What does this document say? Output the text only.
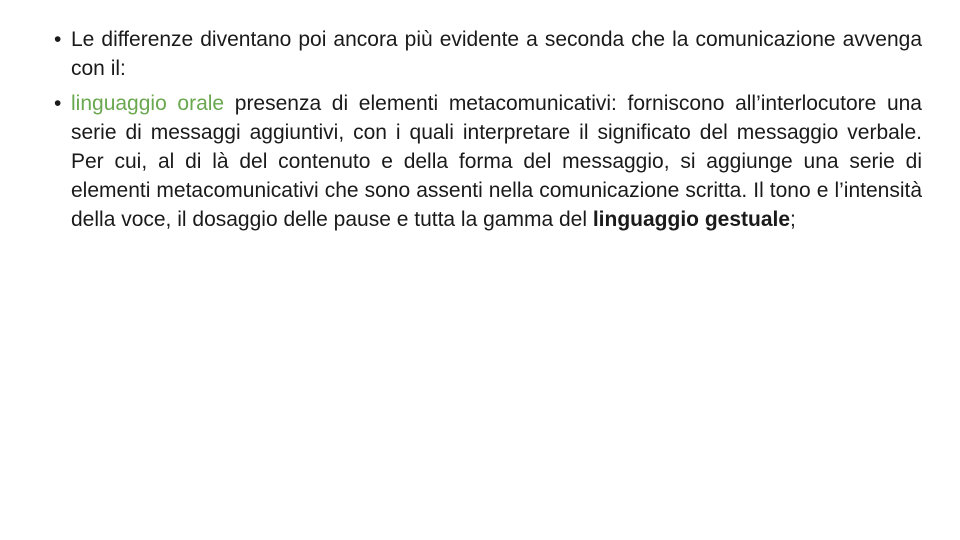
• Le differenze diventano poi ancora più evidente a seconda che la comunicazione avvenga con il:
• linguaggio orale presenza di elementi metacomunicativi: forniscono all’interlocutore una serie di messaggi aggiuntivi, con i quali interpretare il significato del messaggio verbale. Per cui, al di là del contenuto e della forma del messaggio, si aggiunge una serie di elementi metacomunicativi che sono assenti nella comunicazione scritta. Il tono e l’intensità della voce, il dosaggio delle pause e tutta la gamma del linguaggio gestuale;
